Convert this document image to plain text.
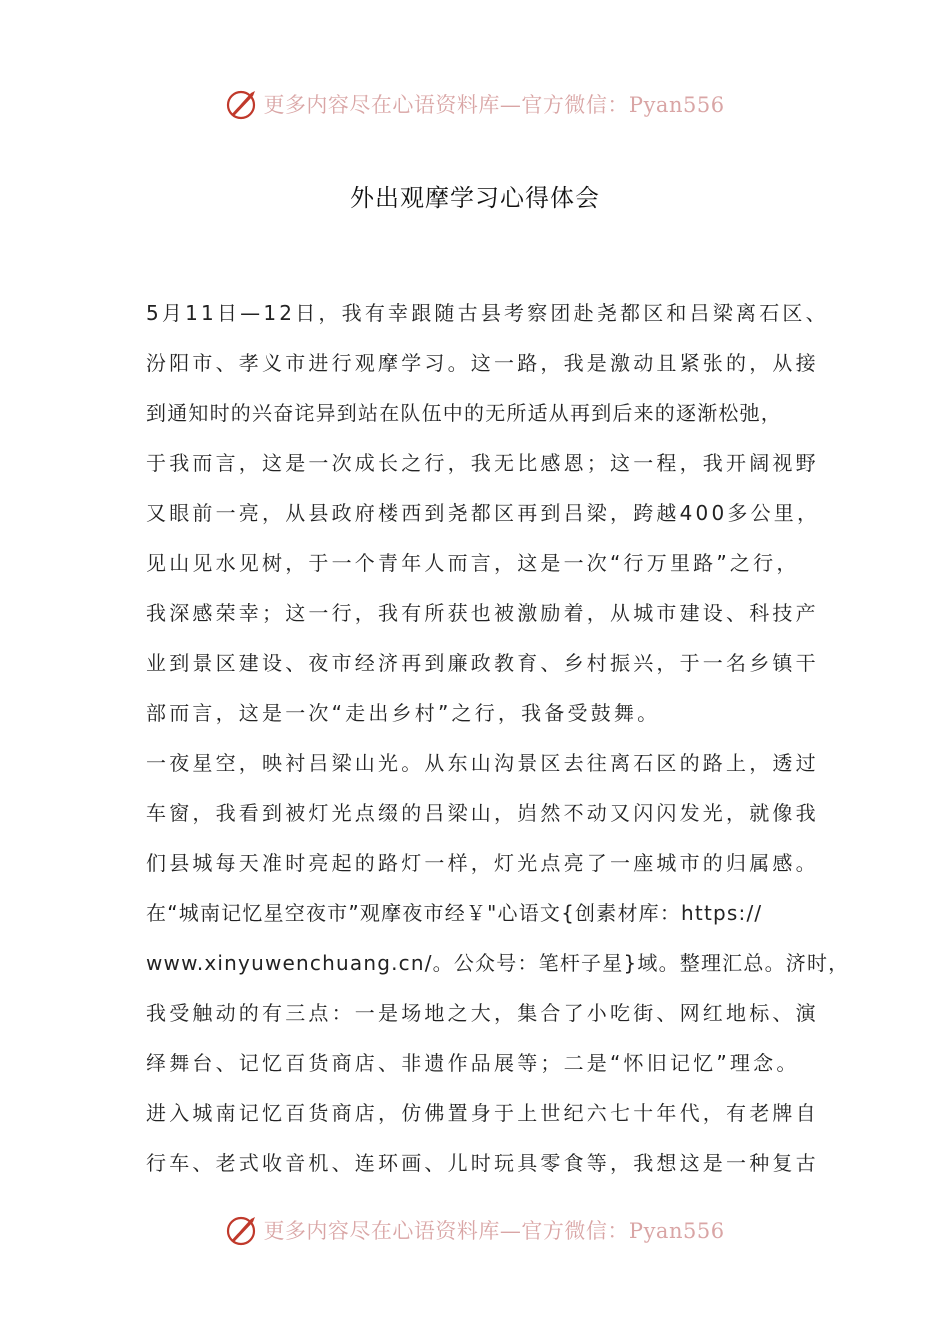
更多内容尽在心语资料库—官方微信：Pyan556
外出观摩学习心得体会
5月11日—12日，我有幸跟随古县考察团赴尧都区和吕梁离石区、
汾阳市、孝义市进行观摩学习。这一路，我是激动且紧张的，从接
到通知时的兴奋诧异到站在队伍中的无所适从再到后来的逐渐松弛，
于我而言，这是一次成长之行，我无比感恩；这一程，我开阔视野
又眼前一亮，从县政府楼西到尧都区再到吕梁，跨越400多公里，
见山见水见树，于一个青年人而言，这是一次“行万里路”之行，
我深感荣幸；这一行，我有所获也被激励着，从城市建设、科技产
业到景区建设、夜市经济再到廉政教育、乡村振兴，于一名乡镇干
部而言，这是一次“走出乡村”之行，我备受鼓舞。
一夜星空，映衬吕梁山光。从东山沟景区去往离石区的路上，透过
车窗，我看到被灯光点缀的吕梁山，岿然不动又闪闪发光，就像我
们县城每天准时亮起的路灯一样，灯光点亮了一座城市的归属感。
在“城南记忆星空夜市”观摩夜市经￥"心语文{创素材库：https://
www.xinyuwenchuang.cn/。公众号：笔杆子星}域。整理汇总。济时，
我受触动的有三点：一是场地之大，集合了小吃街、网红地标、演
绎舞台、记忆百货商店、非遗作品展等；二是“怀旧记忆”理念。
进入城南记忆百货商店，仿佛置身于上世纪六七十年代，有老牌自
行车、老式收音机、连环画、儿时玩具零食等，我想这是一种复古
更多内容尽在心语资料库—官方微信：Pyan556
